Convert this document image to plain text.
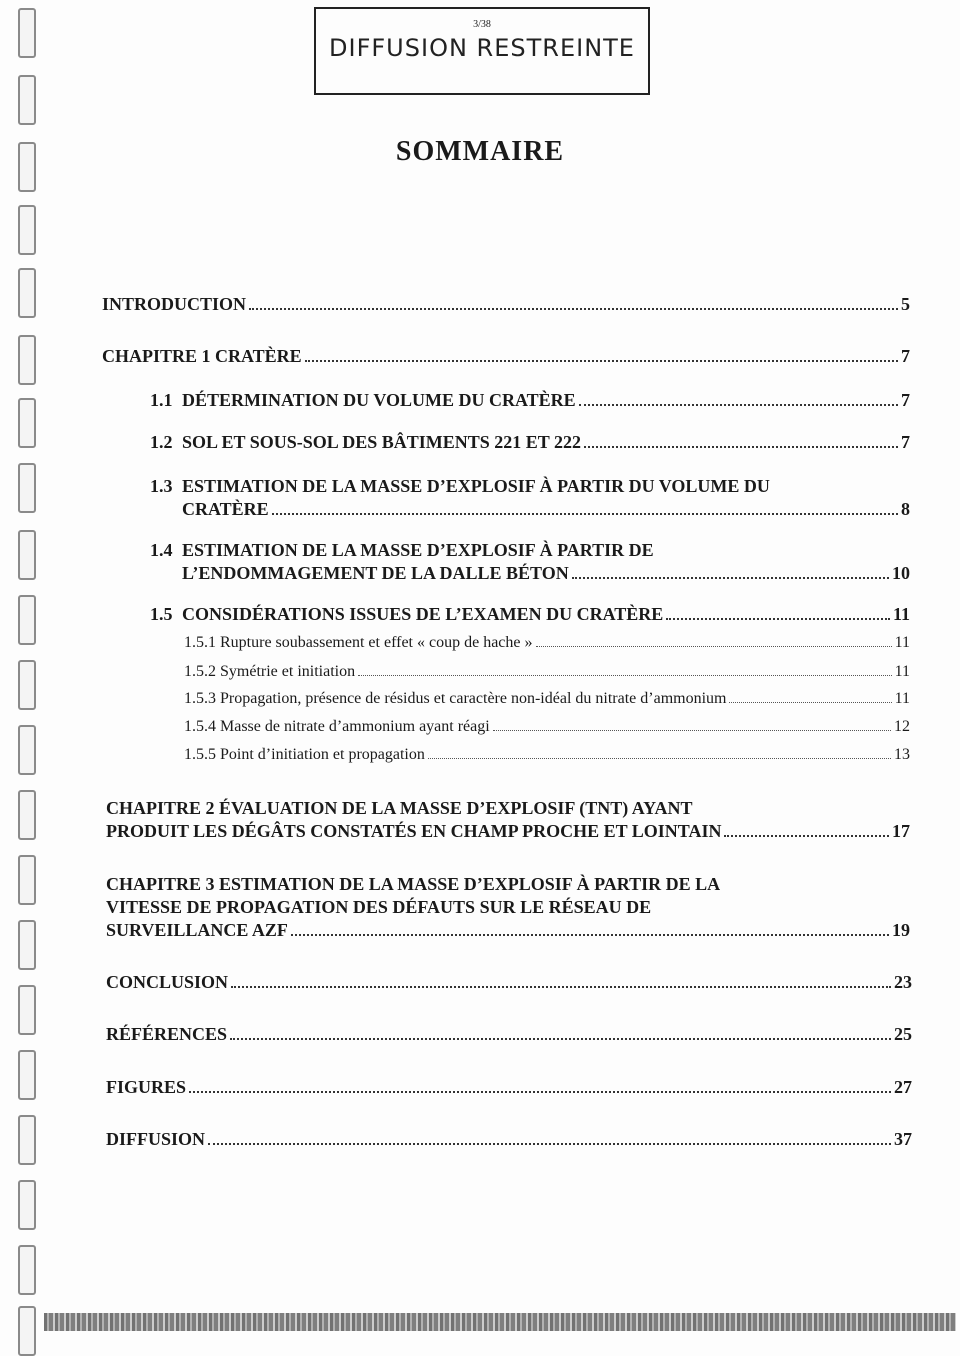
3/38
DIFFUSION RESTREINTE
SOMMAIRE
INTRODUCTION	5
CHAPITRE 1 CRATÈRE	7
1.1 DÉTERMINATION DU VOLUME DU CRATÈRE	7
1.2 SOL ET SOUS-SOL DES BÂTIMENTS 221 ET 222	7
1.3 ESTIMATION DE LA MASSE D’EXPLOSIF À PARTIR DU VOLUME DU
CRATÈRE	8
1.4 ESTIMATION DE LA MASSE D’EXPLOSIF À PARTIR DE
L’ENDOMMAGEMENT DE LA DALLE BÉTON	10
1.5 CONSIDÉRATIONS ISSUES DE L’EXAMEN DU CRATÈRE	11
1.5.1 Rupture soubassement et effet « coup de hache »	11
1.5.2 Symétrie et initiation	11
1.5.3 Propagation, présence de résidus et caractère non-idéal du nitrate d’ammonium	11
1.5.4 Masse de nitrate d’ammonium ayant réagi	12
1.5.5 Point d’initiation et propagation	13
CHAPITRE 2 ÉVALUATION DE LA MASSE D’EXPLOSIF (TNT) AYANT
PRODUIT LES DÉGÂTS CONSTATÉS EN CHAMP PROCHE ET LOINTAIN	17
CHAPITRE 3 ESTIMATION DE LA MASSE D’EXPLOSIF À PARTIR DE LA
VITESSE DE PROPAGATION DES DÉFAUTS SUR LE RÉSEAU DE
SURVEILLANCE AZF	19
CONCLUSION	23
RÉFÉRENCES	25
FIGURES	27
DIFFUSION	37
